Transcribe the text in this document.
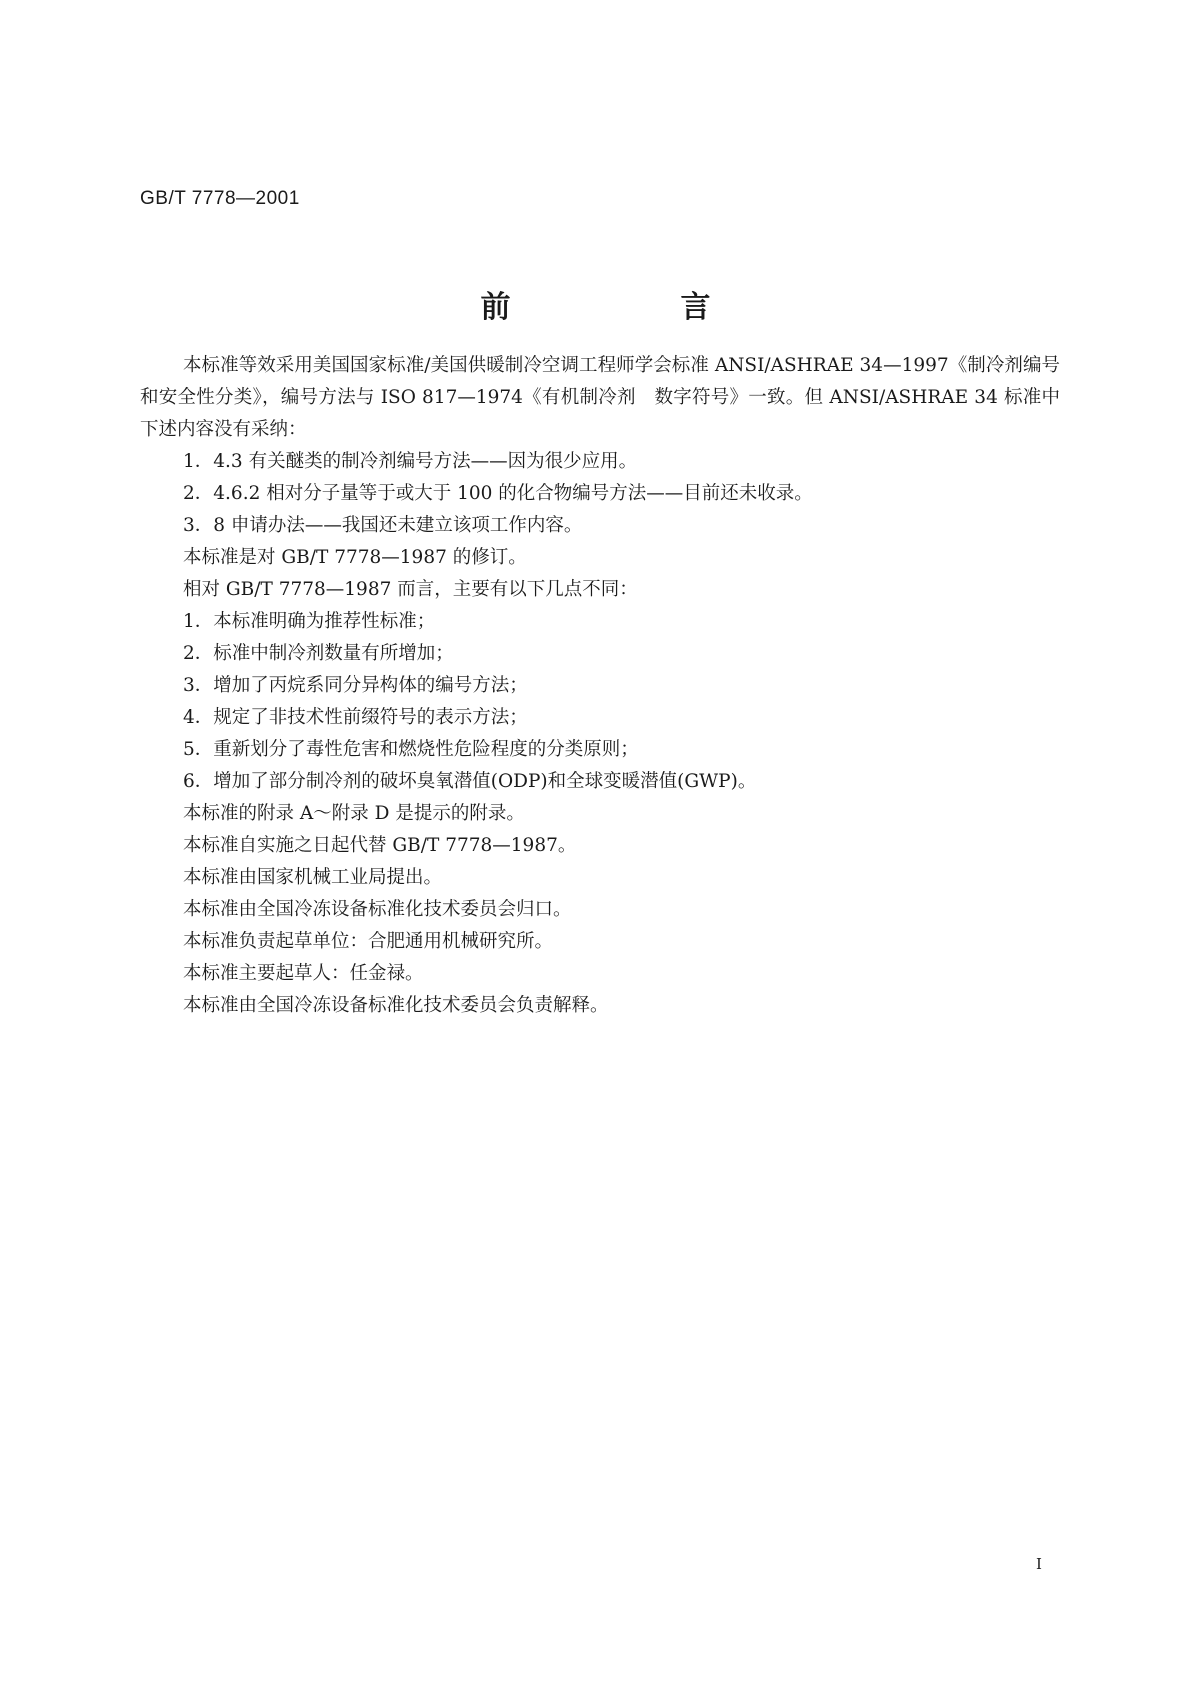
GB/T 7778—2001
前　言

本标准等效采用美国国家标准/美国供暖制冷空调工程师学会标准 ANSI/ASHRAE 34—1997《制冷剂编号和安全性分类》，编号方法与 ISO 817—1974《有机制冷剂　数字符号》一致。但 ANSI/ASHRAE 34 标准中下述内容没有采纳：

1．4.3 有关醚类的制冷剂编号方法——因为很少应用。

2．4.6.2 相对分子量等于或大于 100 的化合物编号方法——目前还未收录。

3．8 申请办法——我国还未建立该项工作内容。

本标准是对 GB/T 7778—1987 的修订。

相对 GB/T 7778—1987 而言，主要有以下几点不同：

1．本标准明确为推荐性标准；

2．标准中制冷剂数量有所增加；

3．增加了丙烷系同分异构体的编号方法；

4．规定了非技术性前缀符号的表示方法；

5．重新划分了毒性危害和燃烧性危险程度的分类原则；

6．增加了部分制冷剂的破坏臭氧潜值(ODP)和全球变暖潜值(GWP)。

本标准的附录 A～附录 D 是提示的附录。

本标准自实施之日起代替 GB/T 7778—1987。

本标准由国家机械工业局提出。

本标准由全国冷冻设备标准化技术委员会归口。

本标准负责起草单位：合肥通用机械研究所。

本标准主要起草人：任金禄。

本标准由全国冷冻设备标准化技术委员会负责解释。

I
